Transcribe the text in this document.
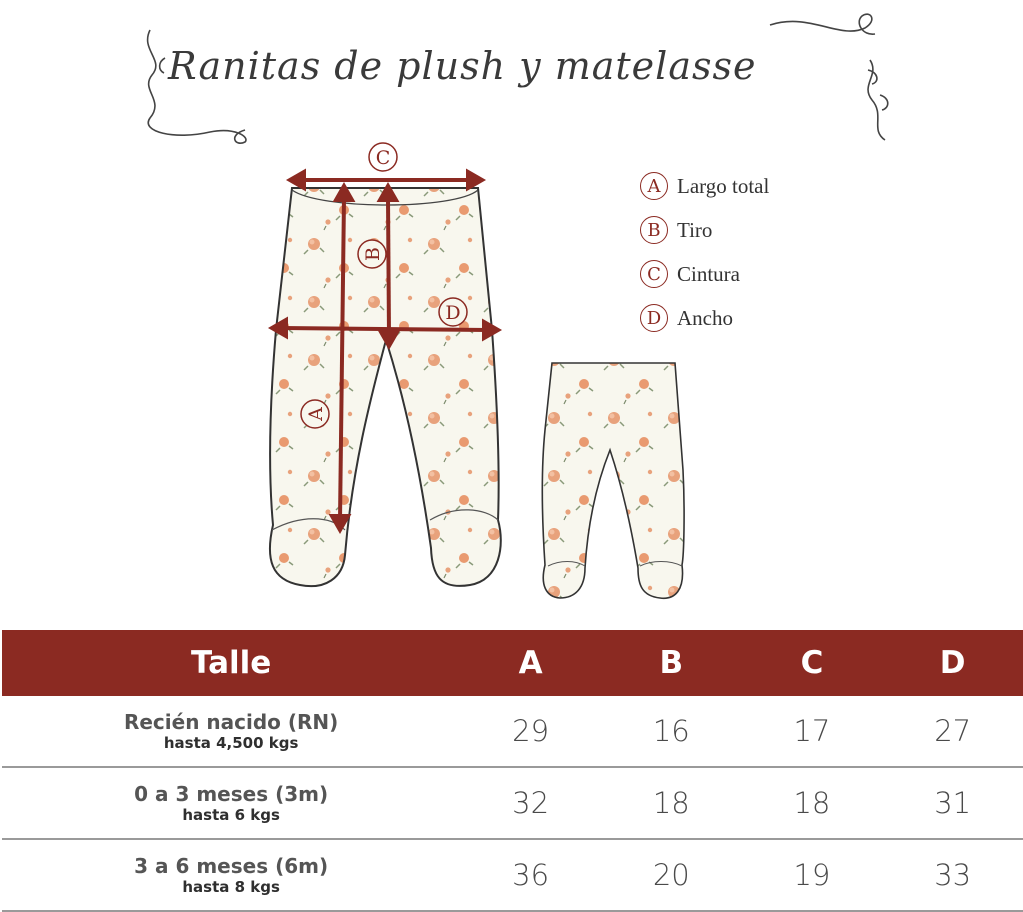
Ranitas de plush y matelasse
C
B
D
A
A Largo total
B Tiro
C Cintura
D Ancho
Talle	A	B	C	D

Recién nacido (RN)
hasta 4,500 kgs	29	16	17	27

0 a 3 meses (3m)
hasta 6 kgs	32	18	18	31

3 a 6 meses (6m)
hasta 8 kgs	36	20	19	33
